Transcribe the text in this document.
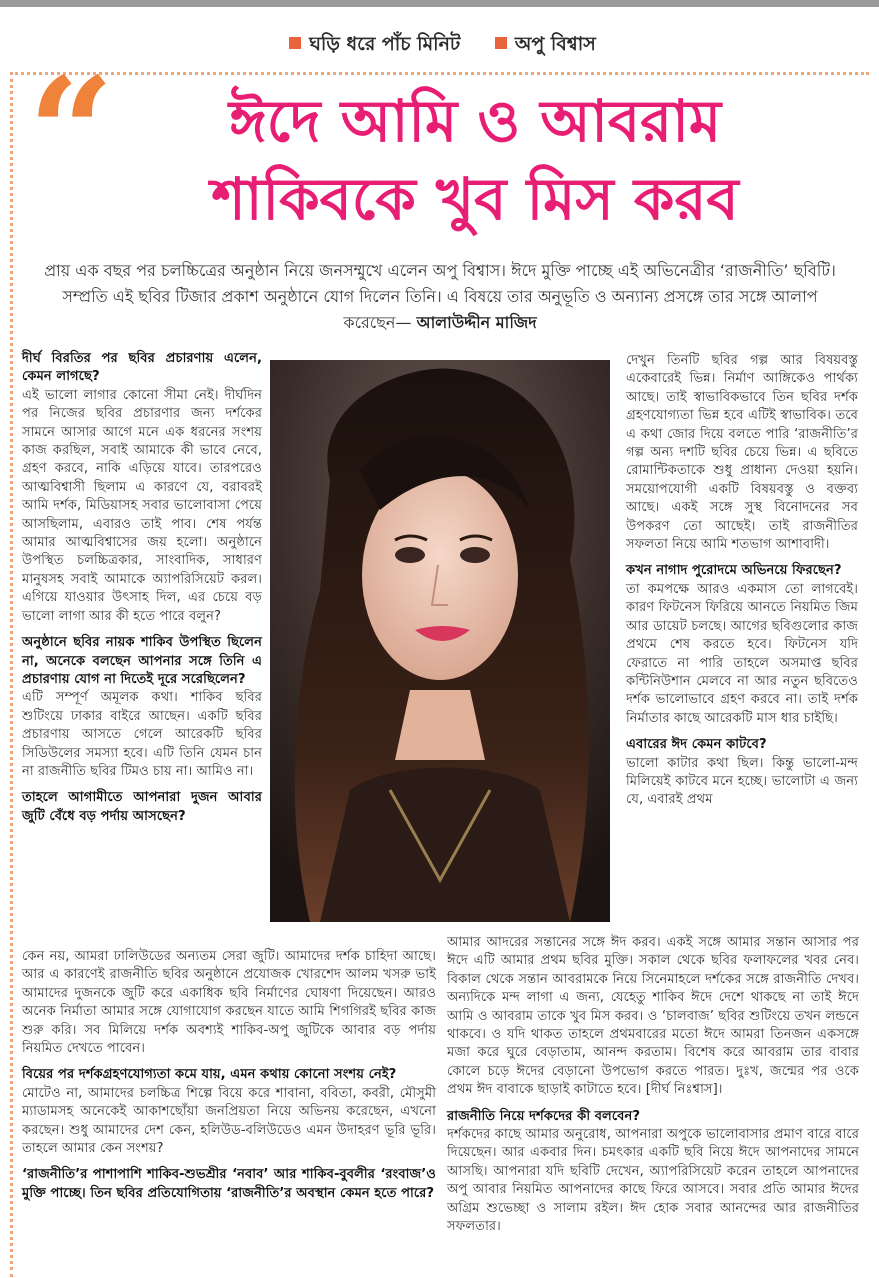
ঘড়ি ধরে পাঁচ মিনিট	অপু বিশ্বাস
“	ঈদে আমি ও আবরাম
শাকিবকে খুব মিস করব
প্রায় এক বছর পর চলচ্চিত্রের অনুষ্ঠান নিয়ে জনসম্মুখে এলেন অপু বিশ্বাস। ঈদে মুক্তি পাচ্ছে এই অভিনেত্রীর ‘রাজনীতি’ ছবিটি। সম্প্রতি এই ছবির টিজার প্রকাশ অনুষ্ঠানে যোগ দিলেন তিনি। এ বিষয়ে তার অনুভূতি ও অন্যান্য প্রসঙ্গে তার সঙ্গে আলাপ করেছেন— আলাউদ্দীন মাজিদ
দীর্ঘ বিরতির পর ছবির প্রচারণায় এলেন, কেমন লাগছে?
এই ভালো লাগার কোনো সীমা নেই। দীর্ঘদিন পর নিজের ছবির প্রচারণার জন্য দর্শকের সামনে আসার আগে মনে এক ধরনের সংশয় কাজ করছিল, সবাই আমাকে কী ভাবে নেবে, গ্রহণ করবে, নাকি এড়িয়ে যাবে। তারপরেও আত্মবিশ্বাসী ছিলাম এ কারণে যে, বরাবরই আমি দর্শক, মিডিয়াসহ সবার ভালোবাসা পেয়ে আসছিলাম, এবারও তাই পাব। শেষ পর্যন্ত আমার আত্মবিশ্বাসের জয় হলো। অনুষ্ঠানে উপস্থিত চলচ্চিত্রকার, সাংবাদিক, সাধারণ মানুষসহ সবাই আমাকে অ্যাপরিসিয়েট করল। এগিয়ে যাওয়ার উৎসাহ দিল, এর চেয়ে বড় ভালো লাগা আর কী হতে পারে বলুন?
অনুষ্ঠানে ছবির নায়ক শাকিব উপস্থিত ছিলেন না, অনেকে বলছেন আপনার সঙ্গে তিনি এ প্রচারণায় যোগ না দিতেই দূরে সরেছিলেন?
এটি সম্পূর্ণ অমূলক কথা। শাকিব ছবির শুটিংয়ে ঢাকার বাইরে আছেন। একটি ছবির প্রচারণায় আসতে গেলে আরেকটি ছবির সিডিউলের সমস্যা হবে। এটি তিনি যেমন চান না রাজনীতি ছবির টিমও চায় না। আমিও না।
তাহলে আগামীতে আপনারা দুজন আবার জুটি বেঁধে বড় পর্দায় আসছেন?
দেখুন তিনটি ছবির গল্প আর বিষয়বস্তু একেবারেই ভিন্ন। নির্মাণ আঙ্গিকেও পার্থক্য আছে। তাই স্বাভাবিকভাবে তিন ছবির দর্শক গ্রহণযোগ্যতা ভিন্ন হবে এটিই স্বাভাবিক। তবে এ কথা জোর দিয়ে বলতে পারি ‘রাজনীতি’র গল্প অন্য দশটি ছবির চেয়ে ভিন্ন। এ ছবিতে রোমান্টিকতাকে শুধু প্রাধান্য দেওয়া হয়নি। সময়োপযোগী একটি বিষয়বস্তু ও বক্তব্য আছে। একই সঙ্গে সুস্থ বিনোদনের সব উপকরণ তো আছেই। তাই রাজনীতির সফলতা নিয়ে আমি শতভাগ আশাবাদী।
কখন নাগাদ পুরোদমে অভিনয়ে ফিরছেন?
তা কমপক্ষে আরও একমাস তো লাগবেই। কারণ ফিটনেস ফিরিয়ে আনতে নিয়মিত জিম আর ডায়েট চলছে। আগের ছবিগুলোর কাজ প্রথমে শেষ করতে হবে। ফিটনেস যদি ফেরাতে না পারি তাহলে অসমাপ্ত ছবির কন্টিনিউশান মেলবে না আর নতুন ছবিতেও দর্শক ভালোভাবে গ্রহণ করবে না। তাই দর্শক নির্মাতার কাছে আরেকটি মাস ধার চাইছি।
এবারের ঈদ কেমন কাটবে?
ভালো কাটার কথা ছিল। কিন্তু ভালো-মন্দ মিলিয়েই কাটবে মনে হচ্ছে। ভালোটা এ জন্য যে, এবারই প্রথম
কেন নয়, আমরা ঢালিউডের অন্যতম সেরা জুটি। আমাদের দর্শক চাহিদা আছে। আর এ কারণেই রাজনীতি ছবির অনুষ্ঠানে প্রযোজক খোরশেদ আলম খসরু ভাই আমাদের দুজনকে জুটি করে একাধিক ছবি নির্মাণের ঘোষণা দিয়েছেন। আরও অনেক নির্মাতা আমার সঙ্গে যোগাযোগ করছেন যাতে আমি শিগগিরই ছবির কাজ শুরু করি। সব মিলিয়ে দর্শক অবশ্যই শাকিব-অপু জুটিকে আবার বড় পর্দায় নিয়মিত দেখতে পাবেন।
বিয়ের পর দর্শকগ্রহণযোগ্যতা কমে যায়, এমন কথায় কোনো সংশয় নেই?
মোটেও না, আমাদের চলচ্চিত্র শিল্পে বিয়ে করে শাবানা, ববিতা, কবরী, মৌসুমী ম্যাডামসহ অনেকেই আকাশছোঁয়া জনপ্রিয়তা নিয়ে অভিনয় করেছেন, এখনো করছেন। শুধু আমাদের দেশ কেন, হলিউড-বলিউডেও এমন উদাহরণ ভূরি ভূরি। তাহলে আমার কেন সংশয়?
‘রাজনীতি’র পাশাপাশি শাকিব-শুভশ্রীর ‘নবাব’ আর শাকিব-বুবলীর ‘রংবাজ’ও মুক্তি পাচ্ছে। তিন ছবির প্রতিযোগিতায় ‘রাজনীতি’র অবস্থান কেমন হতে পারে?
আমার আদরের সন্তানের সঙ্গে ঈদ করব। একই সঙ্গে আমার সন্তান আসার পর ঈদে এটি আমার প্রথম ছবির মুক্তি। সকাল থেকে ছবির ফলাফলের খবর নেব। বিকাল থেকে সন্তান আবরামকে নিয়ে সিনেমাহলে দর্শকের সঙ্গে রাজনীতি দেখব। অন্যদিকে মন্দ লাগা এ জন্য, যেহেতু শাকিব ঈদে দেশে থাকছে না তাই ঈদে আমি ও আবরাম তাকে খুব মিস করব। ও ‘চালবাজ’ ছবির শুটিংয়ে তখন লন্ডনে থাকবে। ও যদি থাকত তাহলে প্রথমবারের মতো ঈদে আমরা তিনজন একসঙ্গে মজা করে ঘুরে বেড়াতাম, আনন্দ করতাম। বিশেষ করে আবরাম তার বাবার কোলে চড়ে ঈদের বেড়ানো উপভোগ করতে পারত। দুঃখ, জন্মের পর ওকে প্রথম ঈদ বাবাকে ছাড়াই কাটাতে হবে। [দীর্ঘ নিঃশ্বাস]।
রাজনীতি নিয়ে দর্শকদের কী বলবেন?
দর্শকদের কাছে আমার অনুরোধ, আপনারা অপুকে ভালোবাসার প্রমাণ বারে বারে দিয়েছেন। আর একবার দিন। চমৎকার একটি ছবি নিয়ে ঈদে আপনাদের সামনে আসছি। আপনারা যদি ছবিটি দেখেন, অ্যাপরিসিয়েট করেন তাহলে আপনাদের অপু আবার নিয়মিত আপনাদের কাছে ফিরে আসবে। সবার প্রতি আমার ঈদের অগ্রিম শুভেচ্ছা ও সালাম রইল। ঈদ হোক সবার আনন্দের আর রাজনীতির সফলতার।
